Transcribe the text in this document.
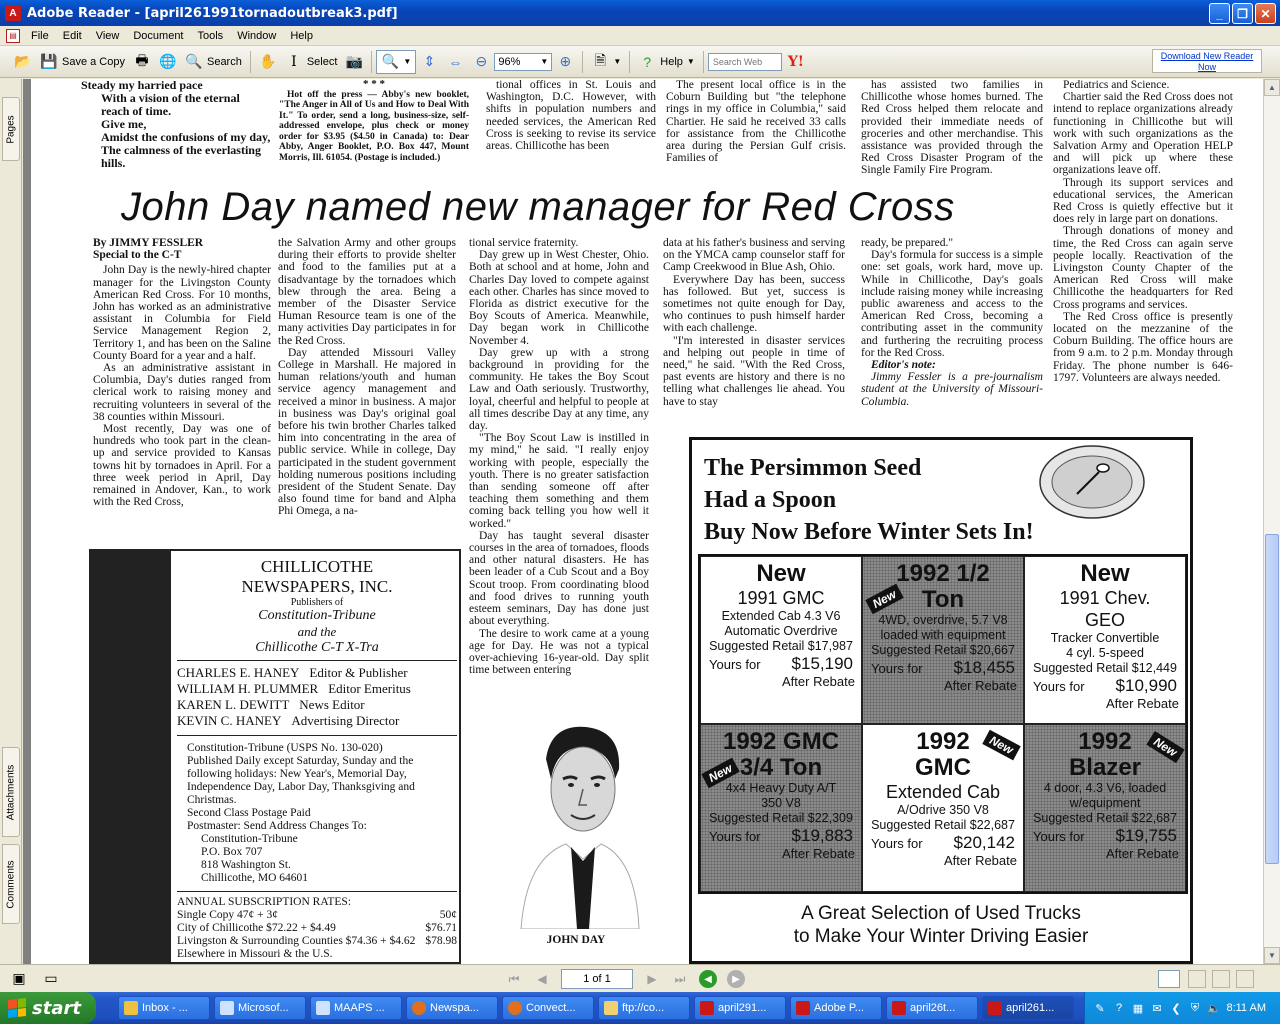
A Adobe Reader - [april261991tornadoutbreak3.pdf]	_	❐	✕
▤	File	Edit	View	Document	Tools	Window	Help
📂 💾 Save a Copy 🖶 🌐 🔍 Search ✋	I Select 📷 🔍 ▼ ⇕ ⇔ ⊖ 96%	▼ ⊕ 🗎 ▼	? Help ▼
Search Web	Y!	Download New Reader
Now
Pages
Attachments
Comments
Steady my harried pace
With a vision of the eternal reach of time.
Give me,
Amidst the confusions of my day,
The calmness of the everlasting hills.
* * *
Hot off the press — Abby's new booklet, "The Anger in All of Us and How to Deal With It." To order, send a long, business-size, self-addressed envelope, plus check or money order for $3.95 ($4.50 in Canada) to: Dear Abby, Anger Booklet, P.O. Box 447, Mount Morris, Ill. 61054. (Postage is included.)

tional offices in St. Louis and Washington, D.C. However, with shifts in population numbers and needed services, the American Red Cross is seeking to revise its service areas. Chillicothe has been

The present local office is in the Coburn Building but "the telephone rings in my office in Columbia," said Chartier. He said he received 33 calls for assistance from the Chillicothe area during the Persian Gulf crisis. Families of

has assisted two families in Chillicothe whose homes burned. The Red Cross helped them relocate and provided their immediate needs of groceries and other merchandise. This assistance was provided through the Red Cross Disaster Program of the Single Family Fire Program.

Pediatrics and Science.

Chartier said the Red Cross does not intend to replace organizations already functioning in Chillicothe but will work with such organizations as the Salvation Army and Operation HELP and will pick up where these organizations leave off.

Through its support services and educational services, the American Red Cross is quietly effective but it does rely in large part on donations.

Through donations of money and time, the Red Cross can again serve people locally. Reactivation of the Livingston County Chapter of the American Red Cross will make Chillicothe the headquarters for Red Cross programs and services.

The Red Cross office is presently located on the mezzanine of the Coburn Building. The office hours are from 9 a.m. to 2 p.m. Monday through Friday. The phone number is 646-1797. Volunteers are always needed.

John Day named new manager for Red Cross
By JIMMY FESSLER
Special to the C-T

John Day is the newly-hired chapter manager for the Livingston County American Red Cross. For 10 months, John has worked as an administrative assistant in Columbia for Field Service Management Region 2, Territory 1, and has been on the Saline County Board for a year and a half.

As an administrative assistant in Columbia, Day's duties ranged from clerical work to raising money and recruiting volunteers in several of the 38 counties within Missouri.

Most recently, Day was one of hundreds who took part in the clean-up and service provided to Kansas towns hit by tornadoes in April. For a three week period in April, Day remained in Andover, Kan., to work with the Red Cross,

the Salvation Army and other groups during their efforts to provide shelter and food to the families put at a disadvantage by the tornadoes which blew through the area. Being a member of the Disaster Service Human Resource team is one of the many activities Day participates in for the Red Cross.

Day attended Missouri Valley College in Marshall. He majored in human relations/youth and human service agency management and received a minor in business. A major in business was Day's original goal before his twin brother Charles talked him into concentrating in the area of public service. While in college, Day participated in the student government holding numerous positions including president of the Student Senate. Day also found time for band and Alpha Phi Omega, a na-

tional service fraternity.

Day grew up in West Chester, Ohio. Both at school and at home, John and Charles Day loved to compete against each other. Charles has since moved to Florida as district executive for the Boy Scouts of America. Meanwhile, Day began work in Chillicothe November 4.

Day grew up with a strong background in providing for the community. He takes the Boy Scout Law and Oath seriously. Trustworthy, loyal, cheerful and helpful to people at all times describe Day at any time, any day.

"The Boy Scout Law is instilled in my mind," he said. "I really enjoy working with people, especially the youth. There is no greater satisfaction than sending someone off after teaching them something and them coming back telling you how well it worked."

Day has taught several disaster courses in the area of tornadoes, floods and other natural disasters. He has been leader of a Cub Scout and a Boy Scout troop. From coordinating blood and food drives to running youth esteem seminars, Day has done just about everything.

The desire to work came at a young age for Day. He was not a typical over-achieving 16-year-old. Day split time between entering

data at his father's business and serving on the YMCA camp counselor staff for Camp Creekwood in Blue Ash, Ohio.

Everywhere Day has been, success has followed. But yet, success is sometimes not quite enough for Day, who continues to push himself harder with each challenge.

"I'm interested in disaster services and helping out people in time of need," he said. "With the Red Cross, past events are history and there is no telling what challenges lie ahead. You have to stay

ready, be prepared."

Day's formula for success is a simple one: set goals, work hard, move up. While in Chillicothe, Day's goals include raising money while increasing public awareness and access to the American Red Cross, becoming a contributing asset in the community and furthering the recruiting process for the Red Cross.

Editor's note:

Jimmy Fessler is a pre-journalism student at the University of Missouri-Columbia.

CHILLICOTHE
NEWSPAPERS, INC.
Publishers of
Constitution-Tribune
and the
Chillicothe C-T X-Tra
CHARLES E. HANEY Editor & Publisher
WILLIAM H. PLUMMER Editor Emeritus
KAREN L. DEWITT News Editor
KEVIN C. HANEY Advertising Director
Constitution-Tribune (USPS No. 130-020)
Published Daily except Saturday, Sunday and the following holidays: New Year's, Memorial Day, Independence Day, Labor Day, Thanksgiving and Christmas.
Second Class Postage Paid
Postmaster: Send Address Changes To:
Constitution-Tribune
P.O. Box 707
818 Washington St.
Chillicothe, MO 64601
ANNUAL SUBSCRIPTION RATES:
Single Copy 47¢ + 3¢	50¢
City of Chillicothe $72.22 + $4.49	$76.71
Livingston & Surrounding Counties $74.36 + $4.62 $78.98
Elsewhere in Missouri & the U.S.
JOHN DAY
The Persimmon Seed
Had a Spoon
Buy Now Before Winter Sets In!
New
1991 GMC
Extended Cab 4.3 V6
Automatic Overdrive
Suggested Retail $17,987
Yours for $15,190
After Rebate
1992 1/2
Ton
4WD, overdrive, 5.7 V8
loaded with equipment
Suggested Retail $20,667
Yours for $18,455
After Rebate
New
New
1991 Chev.
GEO
Tracker Convertible
4 cyl. 5-speed
Suggested Retail $12,449
Yours for $10,990
After Rebate
1992 GMC
3/4 Ton
4x4 Heavy Duty A/T
350 V8
Suggested Retail $22,309
Yours for $19,883
After Rebate
New
1992
GMC
Extended Cab
A/Odrive 350 V8
Suggested Retail $22,687
Yours for $20,142
After Rebate
New	1992
Blazer
4 door, 4.3 V6, loaded
w/equipment
Suggested Retail $22,687
Yours for $19,755
After Rebate
New
A Great Selection of Used Trucks
to Make Your Winter Driving Easier
▲
▼
▣ ▭	⏮	◀	1 of 1	▶	⏭	◀	▶
start	Inbox - ...	Microsof...	MAAPS ...	Newspa...	Convect...	ftp://co...	april291...	Adobe P...	april26t...	april261...	✎	? ▦ ✉ ❮ ⛨ 🔈 8:11 AM
